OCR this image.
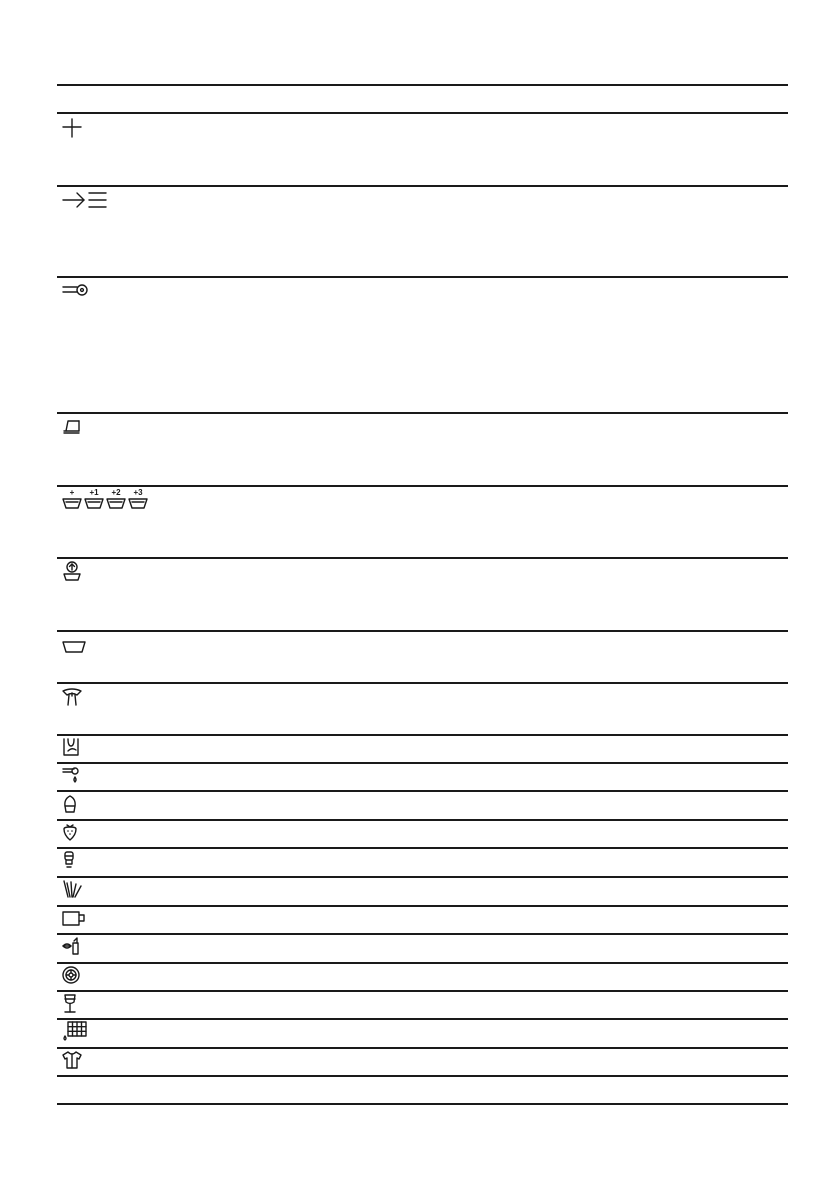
+ +1 +2 +3
